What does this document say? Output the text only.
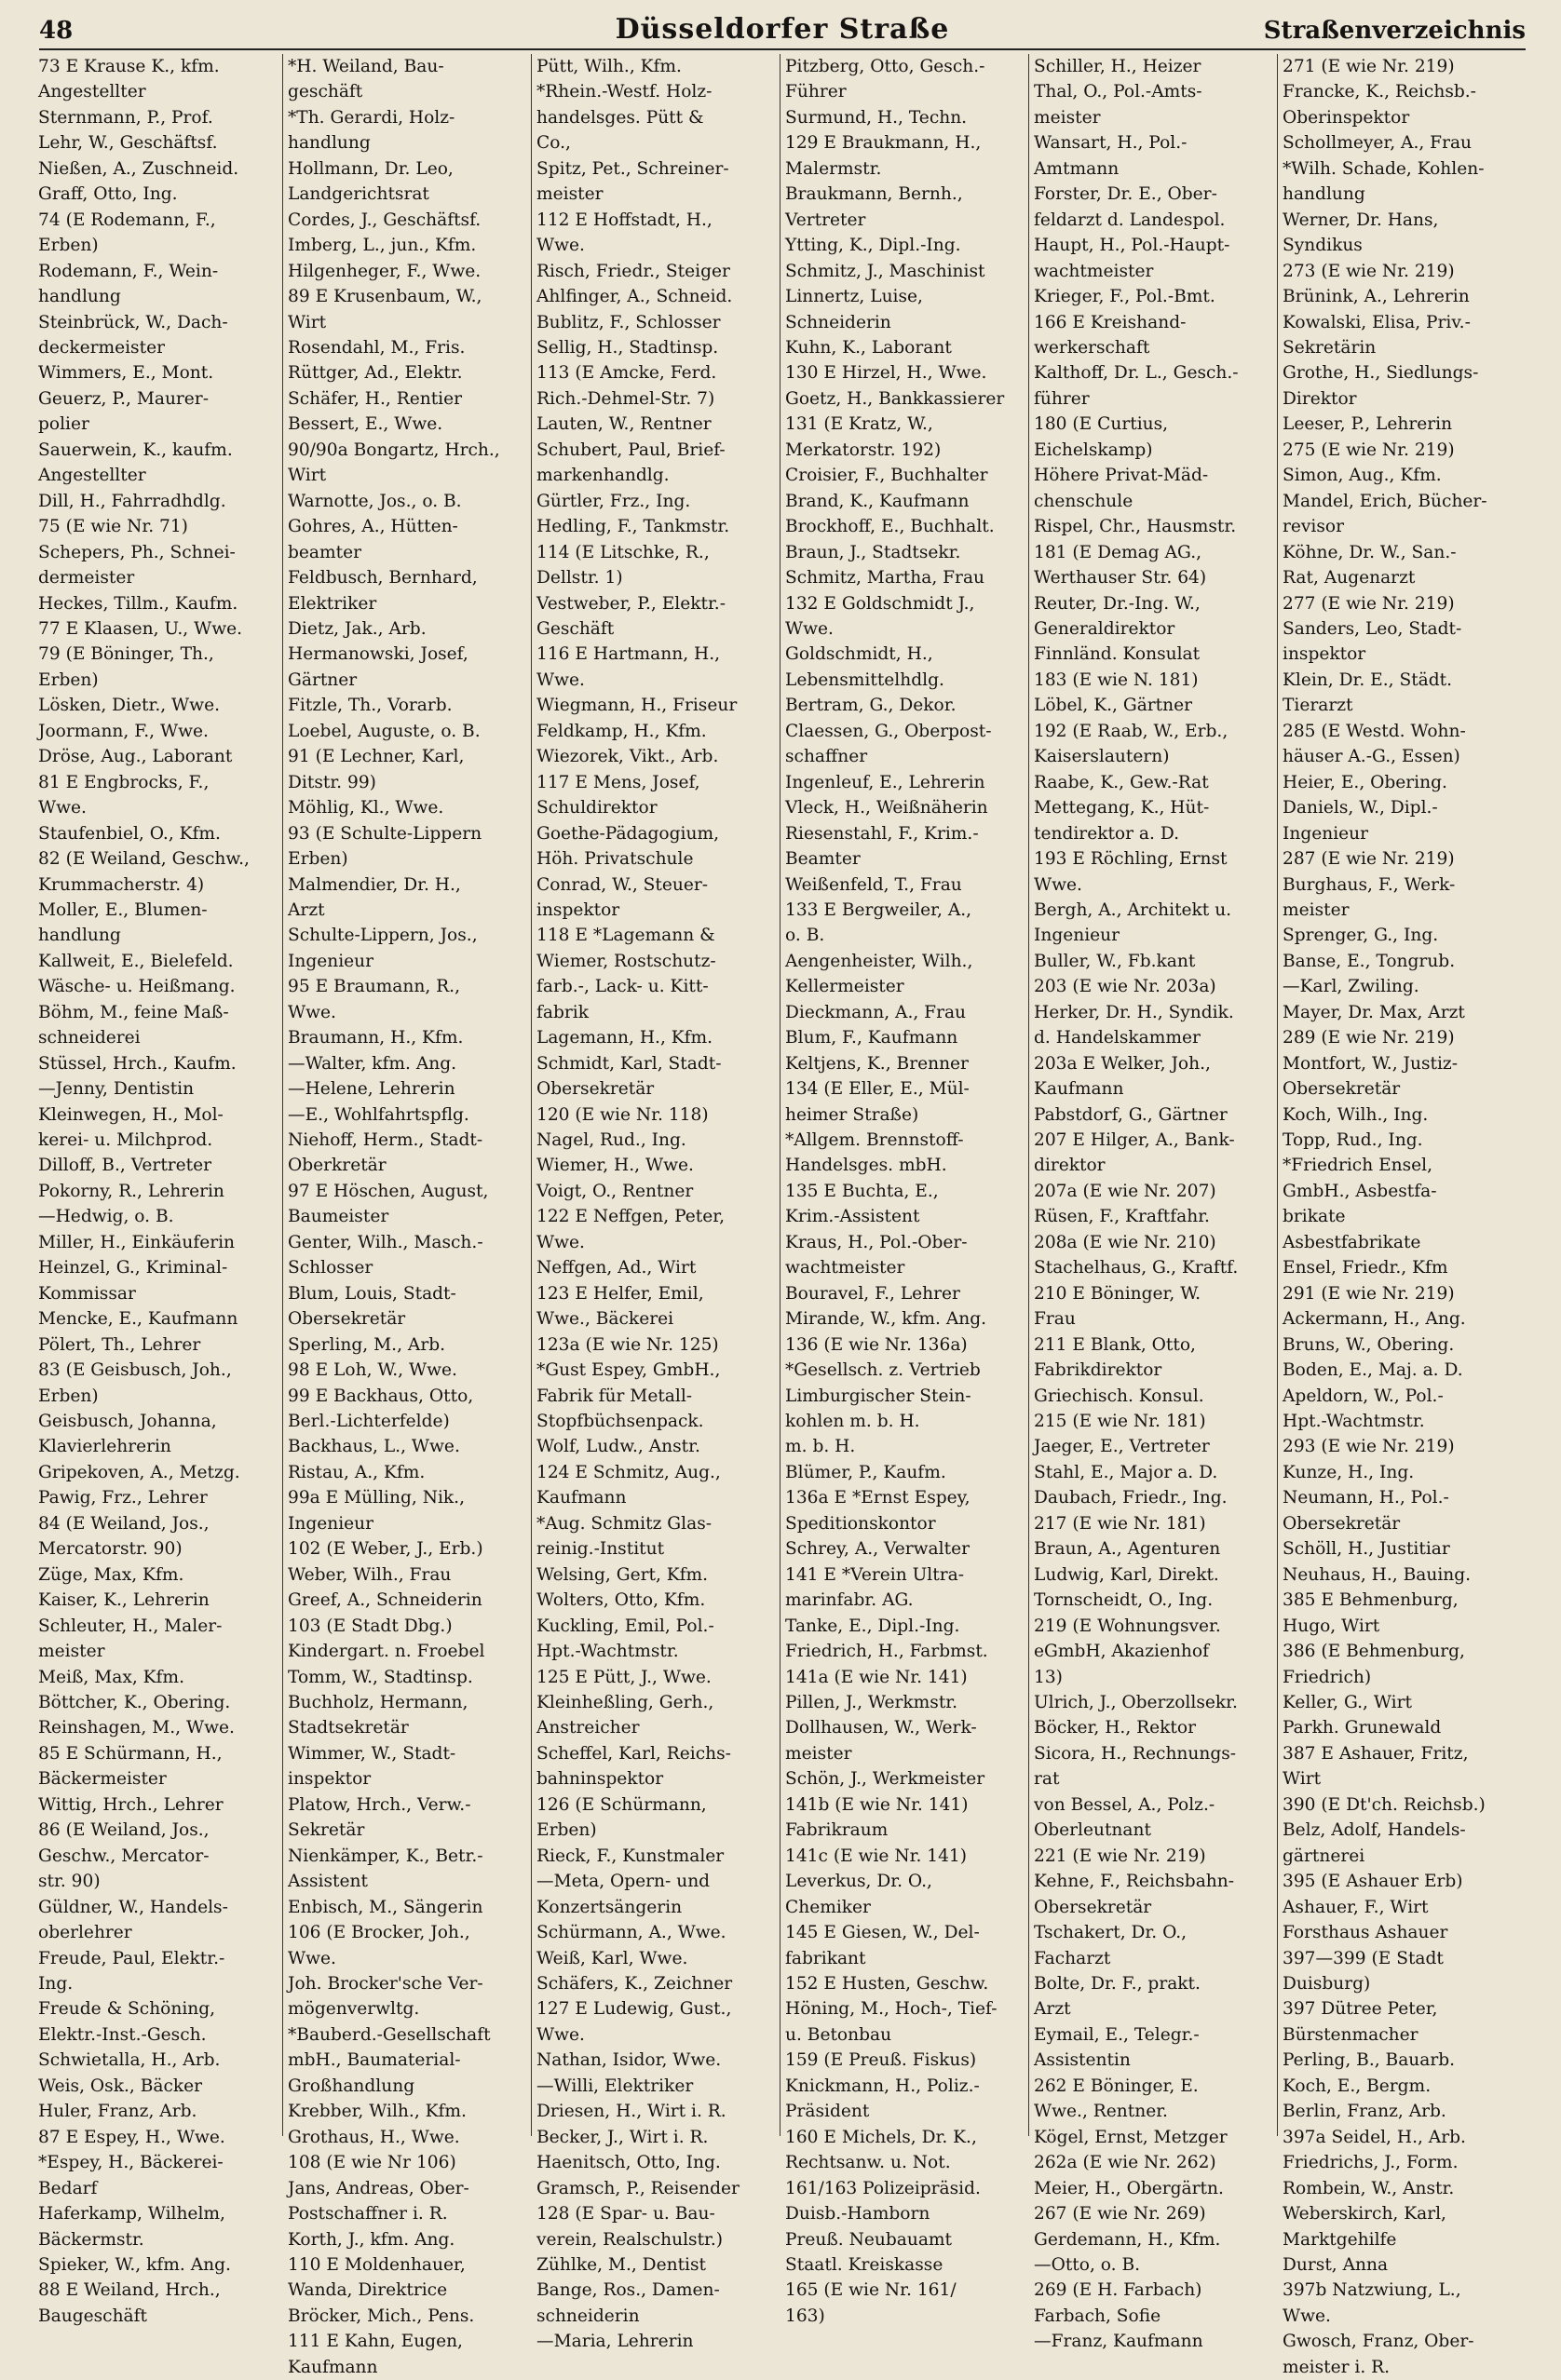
48	Düsseldorfer Straße	Straßenverzeichnis
73 E Krause K., kfm.
Angestellter
Sternmann, P., Prof.
Lehr, W., Geschäftsf.
Nießen, A., Zuschneid.
Graff, Otto, Ing.
74 (E Rodemann, F.,
Erben)
Rodemann, F., Wein-
handlung
Steinbrück, W., Dach-
deckermeister
Wimmers, E., Mont.
Geuerz, P., Maurer-
polier
Sauerwein, K., kaufm.
Angestellter
Dill, H., Fahrradhdlg.
75 (E wie Nr. 71)
Schepers, Ph., Schnei-
dermeister
Heckes, Tillm., Kaufm.
77 E Klaasen, U., Wwe.
79 (E Böninger, Th.,
Erben)
Lösken, Dietr., Wwe.
Joormann, F., Wwe.
Dröse, Aug., Laborant
81 E Engbrocks, F.,
Wwe.
Staufenbiel, O., Kfm.
82 (E Weiland, Geschw.,
Krummacherstr. 4)
Moller, E., Blumen-
handlung
Kallweit, E., Bielefeld.
Wäsche- u. Heißmang.
Böhm, M., feine Maß-
schneiderei
Stüssel, Hrch., Kaufm.
—Jenny, Dentistin
Kleinwegen, H., Mol-
kerei- u. Milchprod.
Dilloff, B., Vertreter
Pokorny, R., Lehrerin
—Hedwig, o. B.
Miller, H., Einkäuferin
Heinzel, G., Kriminal-
Kommissar
Mencke, E., Kaufmann
Pölert, Th., Lehrer
83 (E Geisbusch, Joh.,
Erben)
Geisbusch, Johanna,
Klavierlehrerin
Gripekoven, A., Metzg.
Pawig, Frz., Lehrer
84 (E Weiland, Jos.,
Mercatorstr. 90)
Züge, Max, Kfm.
Kaiser, K., Lehrerin
Schleuter, H., Maler-
meister
Meiß, Max, Kfm.
Böttcher, K., Obering.
Reinshagen, M., Wwe.
85 E Schürmann, H.,
Bäckermeister
Wittig, Hrch., Lehrer
86 (E Weiland, Jos.,
Geschw., Mercator-
str. 90)
Güldner, W., Handels-
oberlehrer
Freude, Paul, Elektr.-
Ing.
Freude & Schöning,
Elektr.-Inst.-Gesch.
Schwietalla, H., Arb.
Weis, Osk., Bäcker
Huler, Franz, Arb.
87 E Espey, H., Wwe.
*Espey, H., Bäckerei-
Bedarf
Haferkamp, Wilhelm,
Bäckermstr.
Spieker, W., kfm. Ang.
88 E Weiland, Hrch.,
Baugeschäft
*H. Weiland, Bau-
geschäft
*Th. Gerardi, Holz-
handlung
Hollmann, Dr. Leo,
Landgerichtsrat
Cordes, J., Geschäftsf.
Imberg, L., jun., Kfm.
Hilgenheger, F., Wwe.
89 E Krusenbaum, W.,
Wirt
Rosendahl, M., Fris.
Rüttger, Ad., Elektr.
Schäfer, H., Rentier
Bessert, E., Wwe.
90/90a Bongartz, Hrch.,
Wirt
Warnotte, Jos., o. B.
Gohres, A., Hütten-
beamter
Feldbusch, Bernhard,
Elektriker
Dietz, Jak., Arb.
Hermanowski, Josef,
Gärtner
Fitzle, Th., Vorarb.
Loebel, Auguste, o. B.
91 (E Lechner, Karl,
Ditstr. 99)
Möhlig, Kl., Wwe.
93 (E Schulte-Lippern
Erben)
Malmendier, Dr. H.,
Arzt
Schulte-Lippern, Jos.,
Ingenieur
95 E Braumann, R.,
Wwe.
Braumann, H., Kfm.
—Walter, kfm. Ang.
—Helene, Lehrerin
—E., Wohlfahrtspflg.
Niehoff, Herm., Stadt-
Oberkretär
97 E Höschen, August,
Baumeister
Genter, Wilh., Masch.-
Schlosser
Blum, Louis, Stadt-
Obersekretär
Sperling, M., Arb.
98 E Loh, W., Wwe.
99 E Backhaus, Otto,
Berl.-Lichterfelde)
Backhaus, L., Wwe.
Ristau, A., Kfm.
99a E Mülling, Nik.,
Ingenieur
102 (E Weber, J., Erb.)
Weber, Wilh., Frau
Greef, A., Schneiderin
103 (E Stadt Dbg.)
Kindergart. n. Froebel
Tomm, W., Stadtinsp.
Buchholz, Hermann,
Stadtsekretär
Wimmer, W., Stadt-
inspektor
Platow, Hrch., Verw.-
Sekretär
Nienkämper, K., Betr.-
Assistent
Enbisch, M., Sängerin
106 (E Brocker, Joh.,
Wwe.
Joh. Brocker'sche Ver-
mögenverwltg.
*Bauberd.-Gesellschaft
mbH., Baumaterial-
Großhandlung
Krebber, Wilh., Kfm.
Grothaus, H., Wwe.
108 (E wie Nr 106)
Jans, Andreas, Ober-
Postschaffner i. R.
Korth, J., kfm. Ang.
110 E Moldenhauer,
Wanda, Direktrice
Bröcker, Mich., Pens.
111 E Kahn, Eugen,
Kaufmann
Pütt, Wilh., Kfm.
*Rhein.-Westf. Holz-
handelsges. Pütt &
Co.,
Spitz, Pet., Schreiner-
meister
112 E Hoffstadt, H.,
Wwe.
Risch, Friedr., Steiger
Ahlfinger, A., Schneid.
Bublitz, F., Schlosser
Sellig, H., Stadtinsp.
113 (E Amcke, Ferd.
Rich.-Dehmel-Str. 7)
Lauten, W., Rentner
Schubert, Paul, Brief-
markenhandlg.
Gürtler, Frz., Ing.
Hedling, F., Tankmstr.
114 (E Litschke, R.,
Dellstr. 1)
Vestweber, P., Elektr.-
Geschäft
116 E Hartmann, H.,
Wwe.
Wiegmann, H., Friseur
Feldkamp, H., Kfm.
Wiezorek, Vikt., Arb.
117 E Mens, Josef,
Schuldirektor
Goethe-Pädagogium,
Höh. Privatschule
Conrad, W., Steuer-
inspektor
118 E *Lagemann &
Wiemer, Rostschutz-
farb.-, Lack- u. Kitt-
fabrik
Lagemann, H., Kfm.
Schmidt, Karl, Stadt-
Obersekretär
120 (E wie Nr. 118)
Nagel, Rud., Ing.
Wiemer, H., Wwe.
Voigt, O., Rentner
122 E Neffgen, Peter,
Wwe.
Neffgen, Ad., Wirt
123 E Helfer, Emil,
Wwe., Bäckerei
123a (E wie Nr. 125)
*Gust Espey, GmbH.,
Fabrik für Metall-
Stopfbüchsenpack.
Wolf, Ludw., Anstr.
124 E Schmitz, Aug.,
Kaufmann
*Aug. Schmitz Glas-
reinig.-Institut
Welsing, Gert, Kfm.
Wolters, Otto, Kfm.
Kuckling, Emil, Pol.-
Hpt.-Wachtmstr.
125 E Pütt, J., Wwe.
Kleinheßling, Gerh.,
Anstreicher
Scheffel, Karl, Reichs-
bahninspektor
126 (E Schürmann,
Erben)
Rieck, F., Kunstmaler
—Meta, Opern- und
Konzertsängerin
Schürmann, A., Wwe.
Weiß, Karl, Wwe.
Schäfers, K., Zeichner
127 E Ludewig, Gust.,
Wwe.
Nathan, Isidor, Wwe.
—Willi, Elektriker
Driesen, H., Wirt i. R.
Becker, J., Wirt i. R.
Haenitsch, Otto, Ing.
Gramsch, P., Reisender
128 (E Spar- u. Bau-
verein, Realschulstr.)
Zühlke, M., Dentist
Bange, Ros., Damen-
schneiderin
—Maria, Lehrerin
Pitzberg, Otto, Gesch.-
Führer
Surmund, H., Techn.
129 E Braukmann, H.,
Malermstr.
Braukmann, Bernh.,
Vertreter
Ytting, K., Dipl.-Ing.
Schmitz, J., Maschinist
Linnertz, Luise,
Schneiderin
Kuhn, K., Laborant
130 E Hirzel, H., Wwe.
Goetz, H., Bankkassierer
131 (E Kratz, W.,
Merkatorstr. 192)
Croisier, F., Buchhalter
Brand, K., Kaufmann
Brockhoff, E., Buchhalt.
Braun, J., Stadtsekr.
Schmitz, Martha, Frau
132 E Goldschmidt J.,
Wwe.
Goldschmidt, H.,
Lebensmittelhdlg.
Bertram, G., Dekor.
Claessen, G., Oberpost-
schaffner
Ingenleuf, E., Lehrerin
Vleck, H., Weißnäherin
Riesenstahl, F., Krim.-
Beamter
Weißenfeld, T., Frau
133 E Bergweiler, A.,
o. B.
Aengenheister, Wilh.,
Kellermeister
Dieckmann, A., Frau
Blum, F., Kaufmann
Keltjens, K., Brenner
134 (E Eller, E., Mül-
heimer Straße)
*Allgem. Brennstoff-
Handelsges. mbH.
135 E Buchta, E.,
Krim.-Assistent
Kraus, H., Pol.-Ober-
wachtmeister
Bouravel, F., Lehrer
Mirande, W., kfm. Ang.
136 (E wie Nr. 136a)
*Gesellsch. z. Vertrieb
Limburgischer Stein-
kohlen m. b. H.
m. b. H.
Blümer, P., Kaufm.
136a E *Ernst Espey,
Speditionskontor
Schrey, A., Verwalter
141 E *Verein Ultra-
marinfabr. AG.
Tanke, E., Dipl.-Ing.
Friedrich, H., Farbmst.
141a (E wie Nr. 141)
Pillen, J., Werkmstr.
Dollhausen, W., Werk-
meister
Schön, J., Werkmeister
141b (E wie Nr. 141)
Fabrikraum
141c (E wie Nr. 141)
Leverkus, Dr. O.,
Chemiker
145 E Giesen, W., Del-
fabrikant
152 E Husten, Geschw.
Höning, M., Hoch-, Tief-
u. Betonbau
159 (E Preuß. Fiskus)
Knickmann, H., Poliz.-
Präsident
160 E Michels, Dr. K.,
Rechtsanw. u. Not.
161/163 Polizeipräsid.
Duisb.-Hamborn
Preuß. Neubauamt
Staatl. Kreiskasse
165 (E wie Nr. 161/
163)
Schiller, H., Heizer
Thal, O., Pol.-Amts-
meister
Wansart, H., Pol.-
Amtmann
Forster, Dr. E., Ober-
feldarzt d. Landespol.
Haupt, H., Pol.-Haupt-
wachtmeister
Krieger, F., Pol.-Bmt.
166 E Kreishand-
werkerschaft
Kalthoff, Dr. L., Gesch.-
führer
180 (E Curtius,
Eichelskamp)
Höhere Privat-Mäd-
chenschule
Rispel, Chr., Hausmstr.
181 (E Demag AG.,
Werthauser Str. 64)
Reuter, Dr.-Ing. W.,
Generaldirektor
Finnländ. Konsulat
183 (E wie N. 181)
Löbel, K., Gärtner
192 (E Raab, W., Erb.,
Kaiserslautern)
Raabe, K., Gew.-Rat
Mettegang, K., Hüt-
tendirektor a. D.
193 E Röchling, Ernst
Wwe.
Bergh, A., Architekt u.
Ingenieur
Buller, W., Fb.kant
203 (E wie Nr. 203a)
Herker, Dr. H., Syndik.
d. Handelskammer
203a E Welker, Joh.,
Kaufmann
Pabstdorf, G., Gärtner
207 E Hilger, A., Bank-
direktor
207a (E wie Nr. 207)
Rüsen, F., Kraftfahr.
208a (E wie Nr. 210)
Stachelhaus, G., Kraftf.
210 E Böninger, W.
Frau
211 E Blank, Otto,
Fabrikdirektor
Griechisch. Konsul.
215 (E wie Nr. 181)
Jaeger, E., Vertreter
Stahl, E., Major a. D.
Daubach, Friedr., Ing.
217 (E wie Nr. 181)
Braun, A., Agenturen
Ludwig, Karl, Direkt.
Tornscheidt, O., Ing.
219 (E Wohnungsver.
eGmbH, Akazienhof
13)
Ulrich, J., Oberzollsekr.
Böcker, H., Rektor
Sicora, H., Rechnungs-
rat
von Bessel, A., Polz.-
Oberleutnant
221 (E wie Nr. 219)
Kehne, F., Reichsbahn-
Obersekretär
Tschakert, Dr. O.,
Facharzt
Bolte, Dr. F., prakt.
Arzt
Eymail, E., Telegr.-
Assistentin
262 E Böninger, E.
Wwe., Rentner.
Kögel, Ernst, Metzger
262a (E wie Nr. 262)
Meier, H., Obergärtn.
267 (E wie Nr. 269)
Gerdemann, H., Kfm.
—Otto, o. B.
269 (E H. Farbach)
Farbach, Sofie
—Franz, Kaufmann
271 (E wie Nr. 219)
Francke, K., Reichsb.-
Oberinspektor
Schollmeyer, A., Frau
*Wilh. Schade, Kohlen-
handlung
Werner, Dr. Hans,
Syndikus
273 (E wie Nr. 219)
Brünink, A., Lehrerin
Kowalski, Elisa, Priv.-
Sekretärin
Grothe, H., Siedlungs-
Direktor
Leeser, P., Lehrerin
275 (E wie Nr. 219)
Simon, Aug., Kfm.
Mandel, Erich, Bücher-
revisor
Köhne, Dr. W., San.-
Rat, Augenarzt
277 (E wie Nr. 219)
Sanders, Leo, Stadt-
inspektor
Klein, Dr. E., Städt.
Tierarzt
285 (E Westd. Wohn-
häuser A.-G., Essen)
Heier, E., Obering.
Daniels, W., Dipl.-
Ingenieur
287 (E wie Nr. 219)
Burghaus, F., Werk-
meister
Sprenger, G., Ing.
Banse, E., Tongrub.
—Karl, Zwiling.
Mayer, Dr. Max, Arzt
289 (E wie Nr. 219)
Montfort, W., Justiz-
Obersekretär
Koch, Wilh., Ing.
Topp, Rud., Ing.
*Friedrich Ensel,
GmbH., Asbestfa-
brikate
Asbestfabrikate
Ensel, Friedr., Kfm
291 (E wie Nr. 219)
Ackermann, H., Ang.
Bruns, W., Obering.
Boden, E., Maj. a. D.
Apeldorn, W., Pol.-
Hpt.-Wachtmstr.
293 (E wie Nr. 219)
Kunze, H., Ing.
Neumann, H., Pol.-
Obersekretär
Schöll, H., Justitiar
Neuhaus, H., Bauing.
385 E Behmenburg,
Hugo, Wirt
386 (E Behmenburg,
Friedrich)
Keller, G., Wirt
Parkh. Grunewald
387 E Ashauer, Fritz,
Wirt
390 (E Dt'ch. Reichsb.)
Belz, Adolf, Handels-
gärtnerei
395 (E Ashauer Erb)
Ashauer, F., Wirt
Forsthaus Ashauer
397—399 (E Stadt
Duisburg)
397 Dütree Peter,
Bürstenmacher
Perling, B., Bauarb.
Koch, E., Bergm.
Berlin, Franz, Arb.
397a Seidel, H., Arb.
Friedrichs, J., Form.
Rombein, W., Anstr.
Weberskirch, Karl,
Marktgehilfe
Durst, Anna
397b Natzwiung, L.,
Wwe.
Gwosch, Franz, Ober-
meister i. R.
